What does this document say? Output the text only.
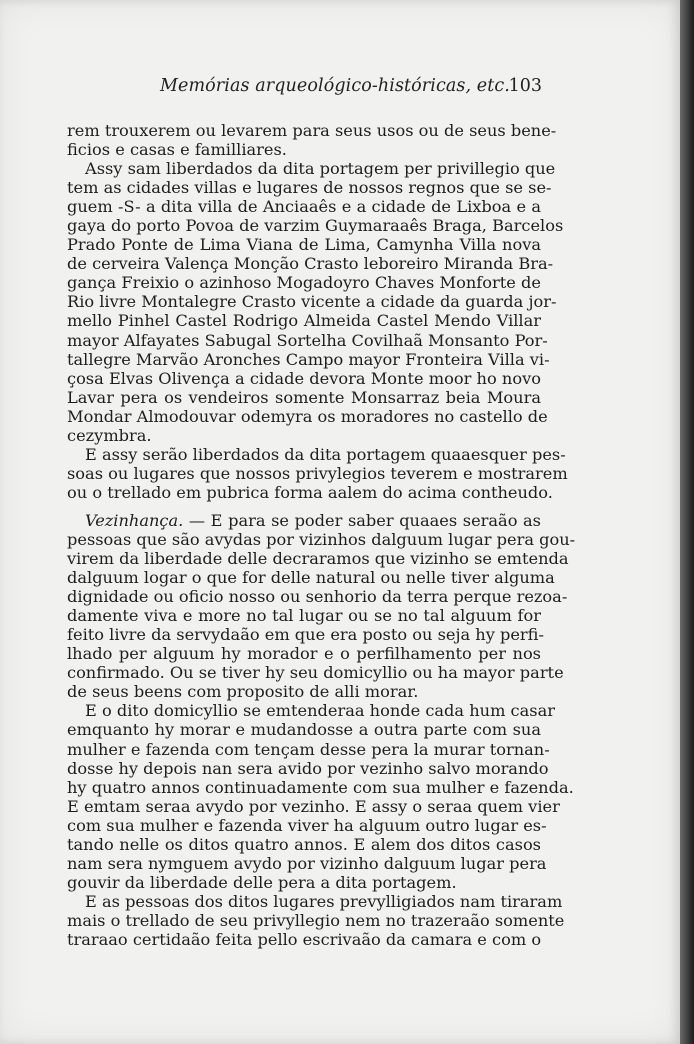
Memórias arqueológico-históricas, etc.
103
rem trouxerem ou levarem para seus usos ou de seus bene-
ficios e casas e familliares.
Assy sam liberdados da dita portagem per privillegio que
tem as cidades villas e lugares de nossos regnos que se se-
guem -S- a dita villa de Anciaaês e a cidade de Lixboa e a
gaya do porto Povoa de varzim Guymaraaês Braga, Barcelos
Prado Ponte de Lima Viana de Lima, Camynha Villa nova
de cerveira Valença Monção Crasto leboreiro Miranda Bra-
gança Freixio o azinhoso Mogadoyro Chaves Monforte de
Rio livre Montalegre Crasto vicente a cidade da guarda jor-
mello Pinhel Castel Rodrigo Almeida Castel Mendo Villar
mayor Alfayates Sabugal Sortelha Covilhaã Monsanto Por-
tallegre Marvão Aronches Campo mayor Fronteira Villa vi-
çosa Elvas Olivença a cidade devora Monte moor ho novo
Lavar pera os vendeiros somente Monsarraz beia Moura
Mondar Almodouvar odemyra os moradores no castello de
cezymbra.
E assy serão liberdados da dita portagem quaaesquer pes-
soas ou lugares que nossos privylegios teverem e mostrarem
ou o trellado em pubrica forma aalem do acima contheudo.
Vezinhança. — E para se poder saber quaaes seraão as
pessoas que são avydas por vizinhos dalguum lugar pera gou-
virem da liberdade delle decraramos que vizinho se emtenda
dalguum logar o que for delle natural ou nelle tiver alguma
dignidade ou oficio nosso ou senhorio da terra perque rezoa-
damente viva e more no tal lugar ou se no tal alguum for
feito livre da servydaão em que era posto ou seja hy perfi-
lhado per alguum hy morador e o perfilhamento per nos
confirmado. Ou se tiver hy seu domicyllio ou ha mayor parte
de seus beens com proposito de alli morar.
E o dito domicyllio se emtenderaa honde cada hum casar
emquanto hy morar e mudandosse a outra parte com sua
mulher e fazenda com tençam desse pera la murar tornan-
dosse hy depois nan sera avido por vezinho salvo morando
hy quatro annos continuadamente com sua mulher e fazenda.
E emtam seraa avydo por vezinho. E assy o seraa quem vier
com sua mulher e fazenda viver ha alguum outro lugar es-
tando nelle os ditos quatro annos. E alem dos ditos casos
nam sera nymguem avydo por vizinho dalguum lugar pera
gouvir da liberdade delle pera a dita portagem.
E as pessoas dos ditos lugares prevylligiados nam tiraram
mais o trellado de seu privyllegio nem no trazeraão somente
traraao certidaão feita pello escrivaão da camara e com o
